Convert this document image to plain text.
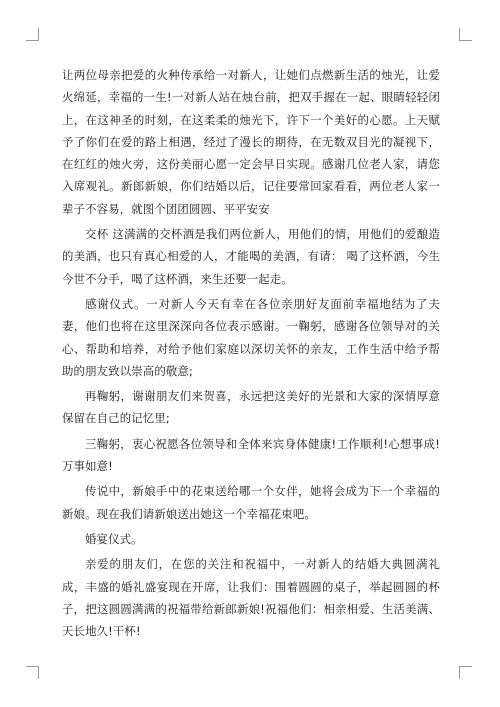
让两位母亲把爱的火种传承给一对新人，让她们点燃新生活的烛光，让爱火绵延，幸福的一生!一对新人站在烛台前，把双手握在一起、眼睛轻轻闭上，在这神圣的时刻，在这柔柔的烛光下，许下一个美好的心愿。上天赋予了你们在爱的路上相遇，经过了漫长的期待，在无数双目光的凝视下，在红红的烛火旁，这份美丽心愿一定会早日实现。感谢几位老人家，请您入席观礼。新郎新娘，你们结婚以后，记住要常回家看看，两位老人家一辈子不容易，就图个团团圆圆、平平安安

交杯 这满满的交杯酒是我们两位新人，用他们的情，用他们的爱酿造的美酒，也只有真心相爱的人，才能喝的美酒，有请： 喝了这杯酒，今生今世不分手，喝了这杯酒，来生还要一起走。

感谢仪式。一对新人今天有幸在各位亲朋好友面前幸福地结为了夫妻，他们也将在这里深深向各位表示感谢。一鞠躬，感谢各位领导对的关心、帮助和培养，对给予他们家庭以深切关怀的亲友，工作生活中给予帮助的朋友致以崇高的敬意;

再鞠躬，谢谢朋友们来贺喜，永远把这美好的光景和大家的深情厚意保留在自己的记忆里;

三鞠躬，衷心祝愿各位领导和全体来宾身体健康!工作顺利!心想事成!万事如意!

传说中，新娘手中的花束送给哪一个女伴，她将会成为下一个幸福的新娘。现在我们请新娘送出她这一个幸福花束吧。

婚宴仪式。

亲爱的朋友们，在您的关注和祝福中，一对新人的结婚大典圆满礼成，丰盛的婚礼盛宴现在开席，让我们：围着圆圆的桌子，举起圆圆的杯子，把这圆圆满满的祝福带给新郎新娘!祝福他们：相亲相爱、生活美满、天长地久!干杯!
